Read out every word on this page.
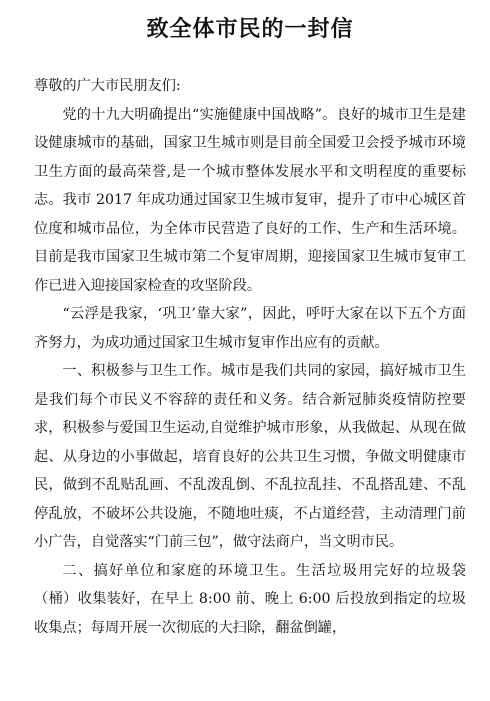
致全体市民的一封信

尊敬的广大市民朋友们:

党的十九大明确提出“实施健康中国战略”。良好的城市卫生是建设健康城市的基础，国家卫生城市则是目前全国爱卫会授予城市环境卫生方面的最高荣誉,是一个城市整体发展水平和文明程度的重要标志。我市 2017 年成功通过国家卫生城市复审，提升了市中心城区首位度和城市品位，为全体市民营造了良好的工作、生产和生活环境。目前是我市国家卫生城市第二个复审周期，迎接国家卫生城市复审工作已进入迎接国家检查的攻坚阶段。

“云浮是我家，‘巩卫’靠大家”，因此，呼吁大家在以下五个方面齐努力，为成功通过国家卫生城市复审作出应有的贡献。

一、积极参与卫生工作。城市是我们共同的家园，搞好城市卫生是我们每个市民义不容辞的责任和义务。结合新冠肺炎疫情防控要求，积极参与爱国卫生运动,自觉维护城市形象，从我做起、从现在做起、从身边的小事做起，培育良好的公共卫生习惯，争做文明健康市民，做到不乱贴乱画、不乱泼乱倒、不乱拉乱挂、不乱搭乱建、不乱停乱放，不破坏公共设施，不随地吐痰，不占道经营，主动清理门前小广告，自觉落实“门前三包”，做守法商户，当文明市民。

二、搞好单位和家庭的环境卫生。生活垃圾用完好的垃圾袋（桶）收集装好，在早上 8:00 前、晚上 6:00 后投放到指定的垃圾收集点；每周开展一次彻底的大扫除，翻盆倒罐，
